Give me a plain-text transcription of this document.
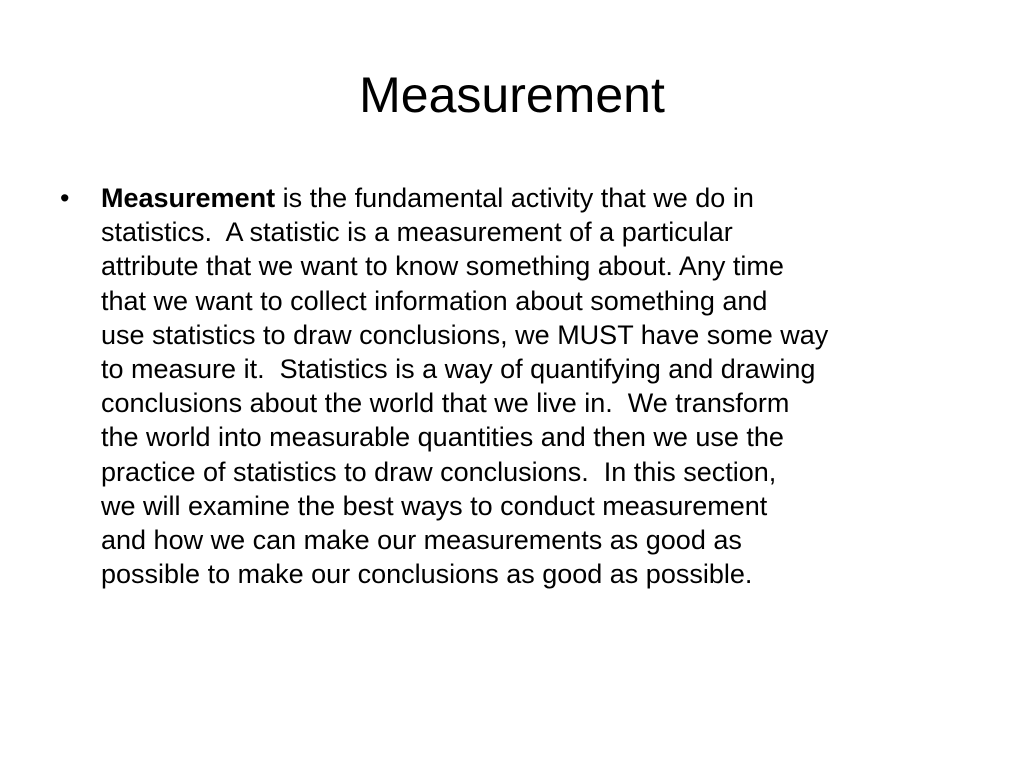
Measurement
•	Measurement is the fundamental activity that we do in
statistics.  A statistic is a measurement of a particular
attribute that we want to know something about. Any time
that we want to collect information about something and
use statistics to draw conclusions, we MUST have some way
to measure it.  Statistics is a way of quantifying and drawing
conclusions about the world that we live in.  We transform
the world into measurable quantities and then we use the
practice of statistics to draw conclusions.  In this section,
we will examine the best ways to conduct measurement
and how we can make our measurements as good as
possible to make our conclusions as good as possible.
